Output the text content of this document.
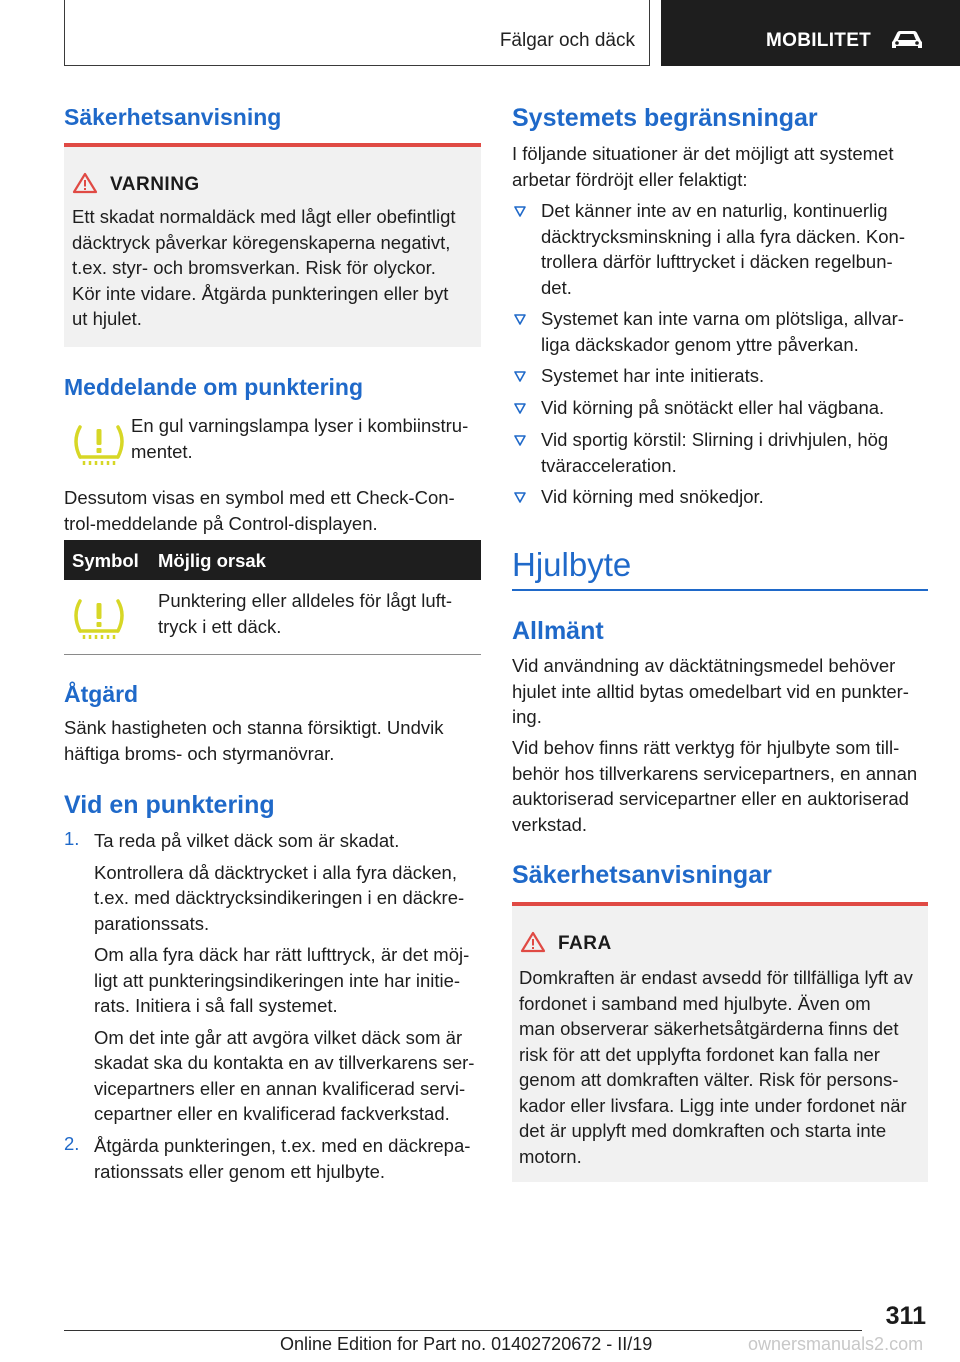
Fälgar och däck	MOBILITET
Säkerhetsanvisning
VARNING
Ett skadat normaldäck med lågt eller obefintligt
däcktryck påverkar köregenskaperna negativt,
t.ex. styr- och bromsverkan. Risk för olyckor.
Kör inte vidare. Åtgärda punkteringen eller byt
ut hjulet.
Meddelande om punktering
En gul varningslampa lyser i kombiinstru-
mentet.
Dessutom visas en symbol med ett Check-Con-
trol-meddelande på Control-displayen.
Symbol Möjlig orsak
Punktering eller alldeles för lågt luft-
tryck i ett däck.
Åtgärd
Sänk hastigheten och stanna försiktigt. Undvik
häftiga broms- och styrmanövrar.
Vid en punktering
1. Ta reda på vilket däck som är skadat.
Kontrollera då däcktrycket i alla fyra däcken,
t.ex. med däcktrycksindikeringen i en däckre-
parationssats.
Om alla fyra däck har rätt lufttryck, är det möj-
ligt att punkteringsindikeringen inte har initie-
rats. Initiera i så fall systemet.
Om det inte går att avgöra vilket däck som är
skadat ska du kontakta en av tillverkarens ser-
vicepartners eller en annan kvalificerad servi-
cepartner eller en kvalificerad fackverkstad.
2. Åtgärda punkteringen, t.ex. med en däckrepa-
rationssats eller genom ett hjulbyte.
Systemets begränsningar
I följande situationer är det möjligt att systemet
arbetar fördröjt eller felaktigt:
Det känner inte av en naturlig, kontinuerlig
däcktrycksminskning i alla fyra däcken. Kon-
trollera därför lufttrycket i däcken regelbun-
det.
Systemet kan inte varna om plötsliga, allvar-
liga däckskador genom yttre påverkan.
Systemet har inte initierats.
Vid körning på snötäckt eller hal vägbana.
Vid sportig körstil: Slirning i drivhjulen, hög
tväracceleration.
Vid körning med snökedjor.
Hjulbyte
Allmänt
Vid användning av däcktätningsmedel behöver
hjulet inte alltid bytas omedelbart vid en punkter-
ing.
Vid behov finns rätt verktyg för hjulbyte som till-
behör hos tillverkarens servicepartners, en annan
auktoriserad servicepartner eller en auktoriserad
verkstad.
Säkerhetsanvisningar
FARA
Domkraften är endast avsedd för tillfälliga lyft av
fordonet i samband med hjulbyte. Även om
man observerar säkerhetsåtgärderna finns det
risk för att det upplyfta fordonet kan falla ner
genom att domkraften välter. Risk för persons-
kador eller livsfara. Ligg inte under fordonet när
det är upplyft med domkraften och starta inte
motorn.
311
Online Edition for Part no. 01402720672 - II/19	ownersmanuals2.com
